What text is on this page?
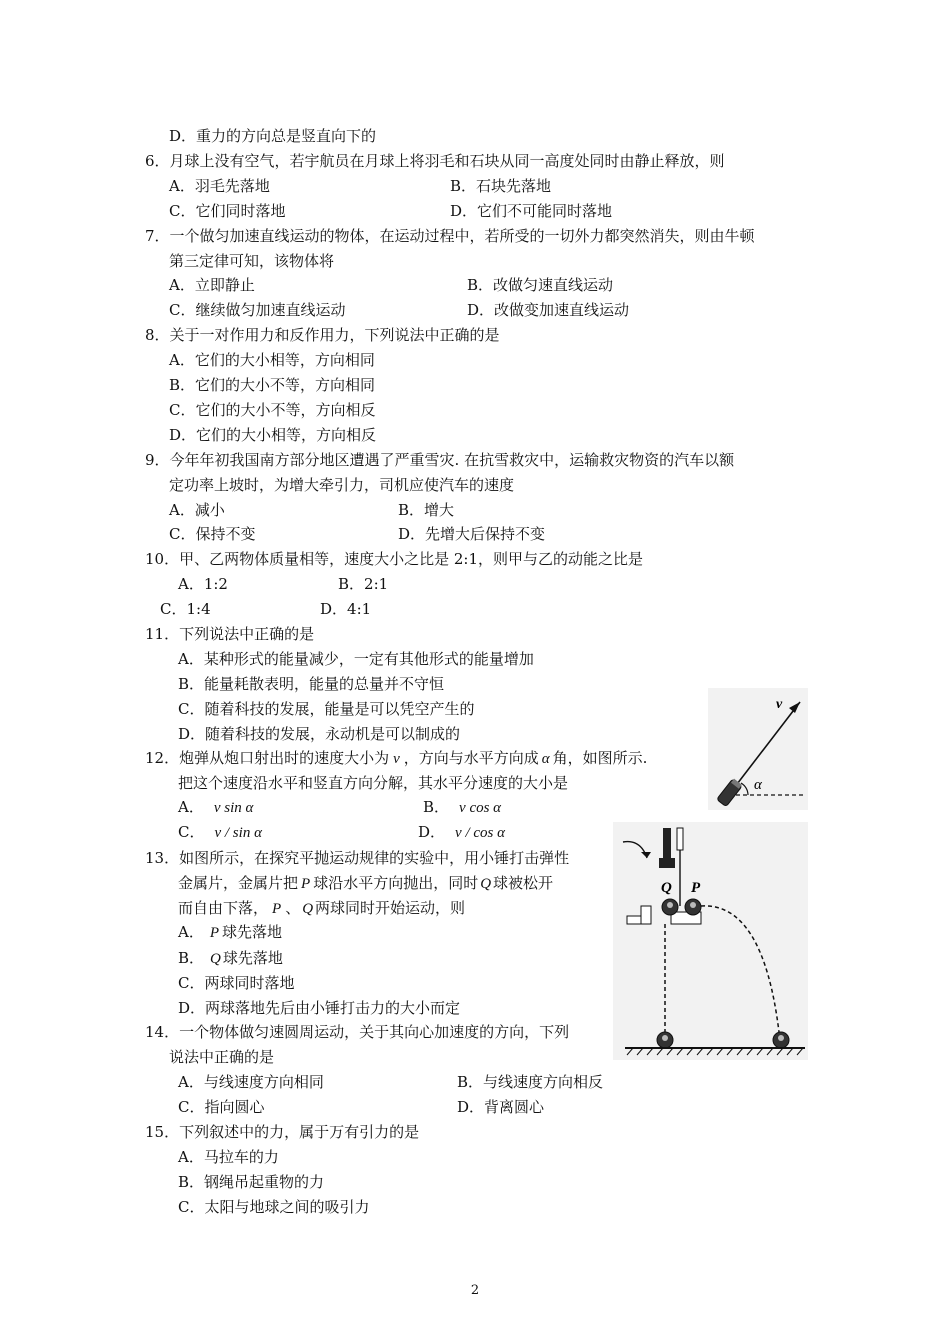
D．重力的方向总是竖直向下的
6．月球上没有空气，若宇航员在月球上将羽毛和石块从同一高度处同时由静止释放，则
A．羽毛先落地	B．石块先落地
C．它们同时落地	D．它们不可能同时落地
7．一个做匀加速直线运动的物体，在运动过程中，若所受的一切外力都突然消失，则由牛顿
第三定律可知，该物体将
A．立即静止	B．改做匀速直线运动
C．继续做匀加速直线运动	D．改做变加速直线运动
8．关于一对作用力和反作用力，下列说法中正确的是
A．它们的大小相等，方向相同
B．它们的大小不等，方向相同
C．它们的大小不等，方向相反
D．它们的大小相等，方向相反
9．今年年初我国南方部分地区遭遇了严重雪灾. 在抗雪救灾中，运输救灾物资的汽车以额
定功率上坡时，为增大牵引力，司机应使汽车的速度
A．减小	B．增大
C．保持不变	D．先增大后保持不变
10．甲、乙两物体质量相等，速度大小之比是 2:1，则甲与乙的动能之比是
A．1:2	B．2:1
C．1:4	D．4:1
11．下列说法中正确的是
A．某种形式的能量减少，一定有其他形式的能量增加
B．能量耗散表明，能量的总量并不守恒
C．随着科技的发展，能量是可以凭空产生的
D．随着科技的发展，永动机是可以制成的
12．炮弹从炮口射出时的速度大小为 v ，方向与水平方向成 α 角，如图所示.
把这个速度沿水平和竖直方向分解，其水平分速度的大小是
A． v sin α	B． v cos α
C． v / sin α	D． v / cos α
v
α
13．如图所示，在探究平抛运动规律的实验中，用小锤打击弹性
金属片，金属片把 P 球沿水平方向抛出，同时 Q 球被松开
而自由下落， P 、 Q 两球同时开始运动，则
A． P 球先落地
B． Q 球先落地
C．两球同时落地
D．两球落地先后由小锤打击力的大小而定
Q P
14．一个物体做匀速圆周运动，关于其向心加速度的方向，下列
说法中正确的是
A．与线速度方向相同	B．与线速度方向相反
C．指向圆心	D．背离圆心
15．下列叙述中的力，属于万有引力的是
A．马拉车的力
B．钢绳吊起重物的力
C．太阳与地球之间的吸引力
2
